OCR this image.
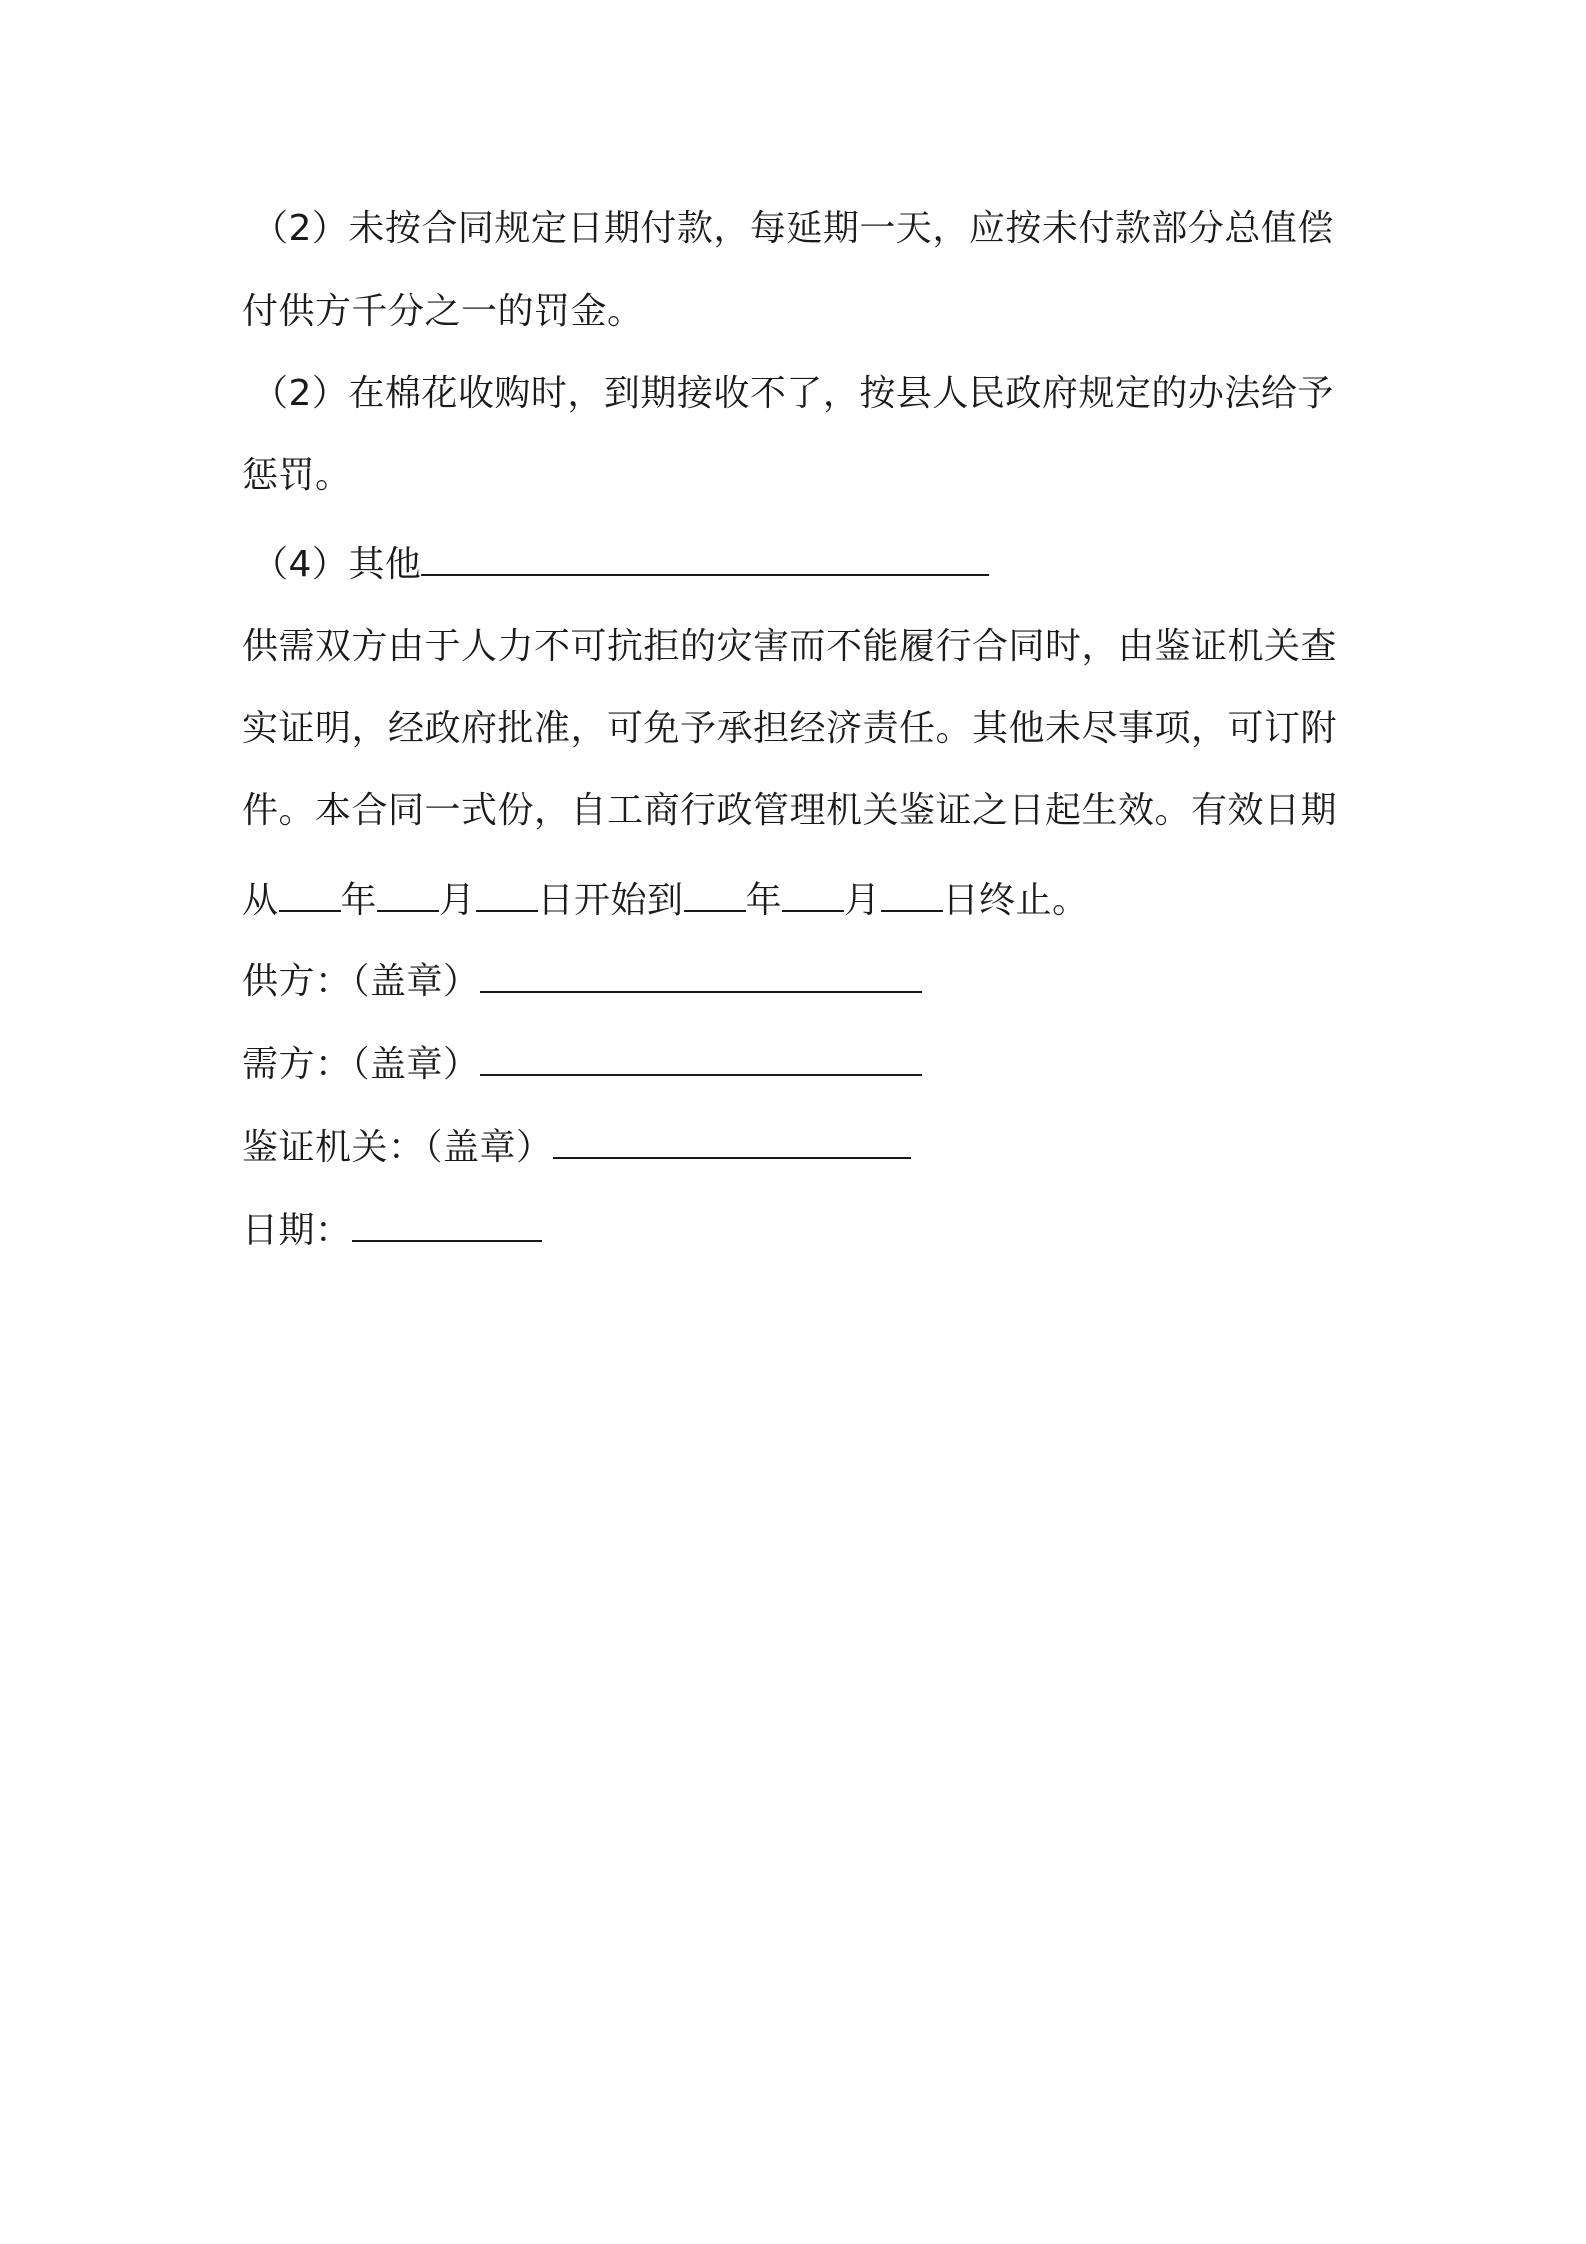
（2）未按合同规定日期付款，每延期一天，应按未付款部分总值偿
付供方千分之一的罚金。
（2）在棉花收购时，到期接收不了，按县人民政府规定的办法给予
惩罚。
（4）其他
供需双方由于人力不可抗拒的灾害而不能履行合同时，由鉴证机关查
实证明，经政府批准，可免予承担经济责任。其他未尽事项，可订附
件。本合同一式份，自工商行政管理机关鉴证之日起生效。有效日期
从 年 月 日开始到 年 月 日终止。
供方：（盖章）
需方：（盖章）
鉴证机关：（盖章）
日期：
